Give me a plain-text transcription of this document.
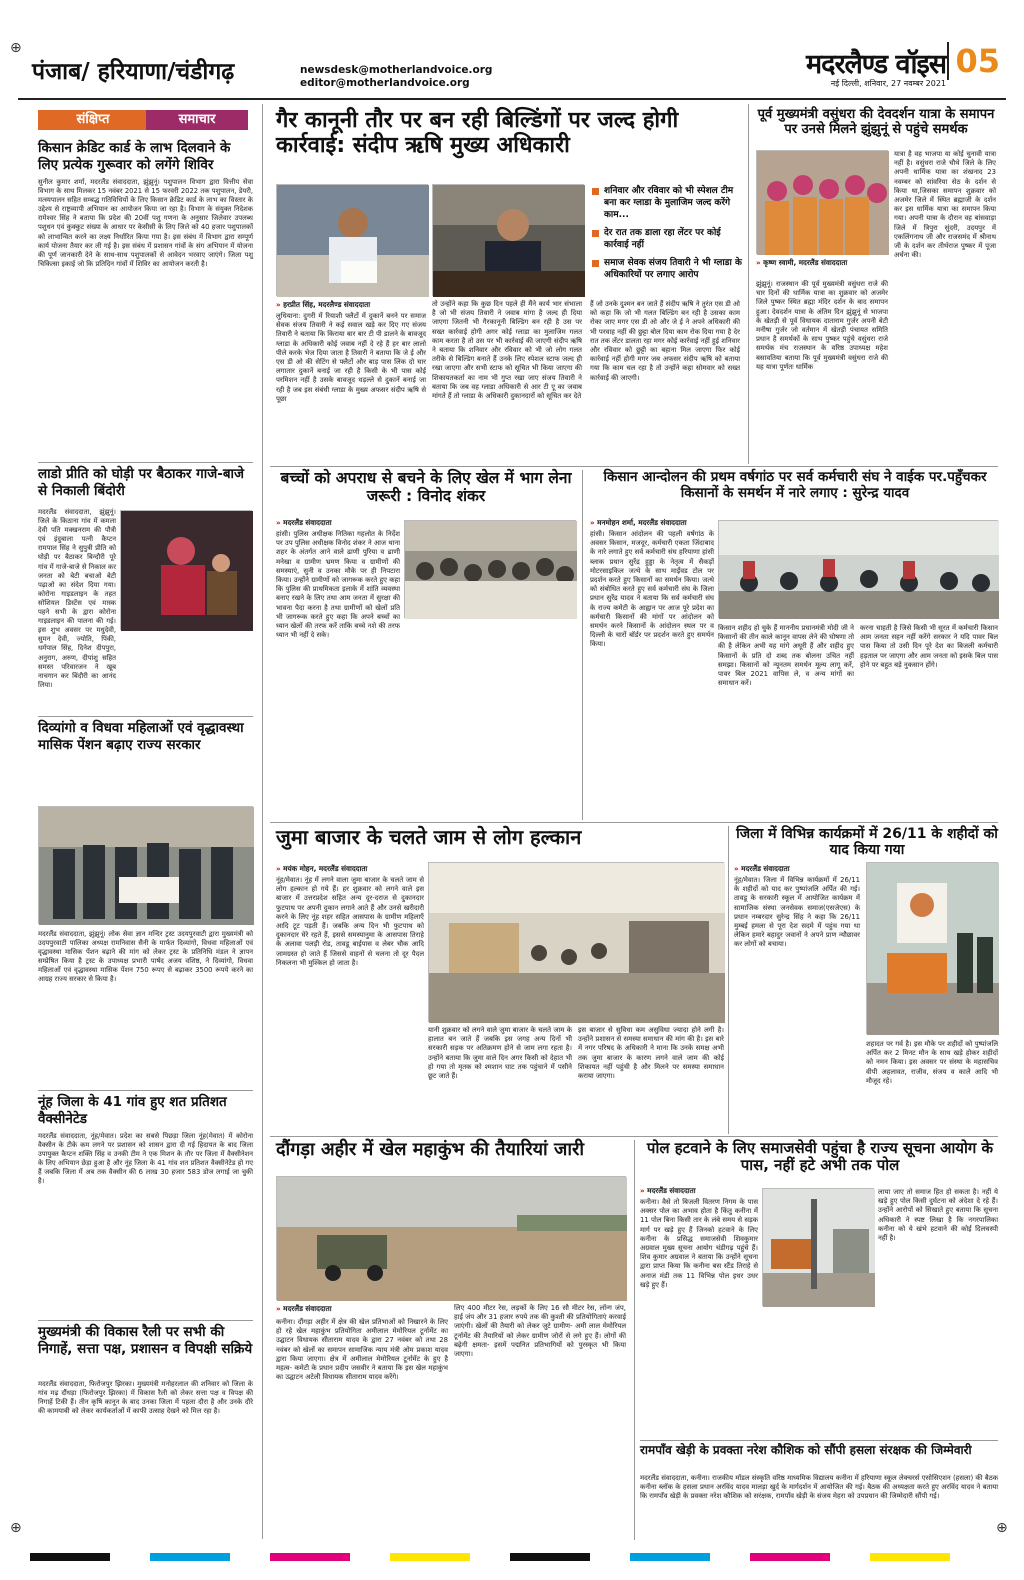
पंजाब/ हरियाणा/चंडीगढ़	newsdesk@motherlandvoice.org
editor@motherlandvoice.org
मदरलैण्ड वॉइस
नई दिल्ली, शनिवार, 27 नवम्बर 2021
05
संक्षिप्त	समाचार
किसान क्रेडिट कार्ड के लाभ दिलवाने के लिए प्रत्येक गुरूवार को लगेंगे शिविर
सुनील कुमार शर्मा, मदरलैंड संवाददाता, झुंझुनूं। पशुपालन विभाग द्वारा वित्तीय सेवा विभाग के साथ मिलकर 15 नवंबर 2021 से 15 फरवरी 2022 तक पशुपालन, डेयरी, मत्स्यपालन सहित सम्बद्ध गतिविधियों के लिए किसान क्रेडिट कार्ड के लाभ का विस्तार के उद्देश्य से राष्ट्रव्यापी अभियान का आयोजन किया जा रहा है। विभाग के संयुक्त निदेशक रामेश्वर सिंह ने बताया कि प्रदेश की 20वीं पशु गणना के अनुसार जिलेवार उपलब्ध पशुधन एवं कुक्कुट संख्या के आधार पर केसीसी के लिए जिले को 40 हजार पशुपालकों को लाभान्वित करने का लक्ष्य निर्धारित किया गया है। इस संबंध में विभाग द्वारा सम्पूर्ण कार्य योजना तैयार कर ली गई है। इस संबंध में प्रशासन गांवों के संग अभियान में योजना की पूर्ण जानकारी देने के साथ-साथ पशुपालकों से आवेदन भरवाए जाएंगे। जिला पशु चिकित्सा इकाई जो कि प्रतिदिन गांवों में शिविर का आयोजन करती है।
लाडो प्रीति को घोड़ी पर बैठाकर गाजे-बाजे से निकाली बिंदोरी
मदरलैंड संवाददाता, झुंझुनूं। जिले के किठाना गांव में कमला देवी पति मक्खनराम की पौत्री एवं इंदुबाला पत्नी कैप्टन रामपाल सिंह ने सुपुत्री प्रीति को घोड़ी पर बैठाकर बिन्दौरी पूरे गांव में गाजे-बाजे से निकाल कर जनता को बेटी बचाओ बेटी पढ़ाओ का संदेश दिया गया। कोरोना गाइडलाइन के तहत सोशियल डिस्टेंस एवं मास्क पहने सभी के द्वारा कोरोना गाइडलाइन की पालना की गई। इस शुभ अवसर पर मधुदेवी, सुमन देवी, ज्योति, पिंकी, धर्मपाल सिंह, दिनेश दीपपुरा, अनुराग, अरुण, दीपांशु सहित समस्त परिवारजन ने खूब नाचगान कर बिंदौरी का आनंद लिया।
दिव्यांगो व विधवा महिलाओं एवं वृद्धावस्था मासिक पेंशन बढ़ाए राज्य सरकार
मदरलैंड संवाददाता, झुंझुनूं। लोक सेवा ज्ञान मन्दिर ट्रस्ट उदयपुरवाटी द्वारा मुख्यमंत्री को उदयपुरवाटी पालिका अध्यक्ष रामनिवास सैनी के मार्फत दिव्यांगो, विधवा महिलाओं एवं वृद्धावस्था मासिक पेंशन बढ़ाने की मांग को लेकर ट्रस्ट के प्रतिनिधि मंडल ने ज्ञापन सम्प्रेषित किया है ट्रस्ट के उपाध्यक्ष प्रभारी पार्षद अजय वशिष्ठ, ने दिव्यांगो, विधवा महिलाओं एवं वृद्धावस्था मासिक पेंशन 750 रूपए से बढ़ाकर 3500 रूपये करने का आग्रह राज्य सरकार से किया है।
नूंह जिला के 41 गांव हुए शत प्रतिशत वैक्सीनेटेड
मदरलैंड संवाददाता, नूंह/मेवात। प्रदेश का सबसे पिछड़ा जिला नूंह(मेवात) में कोरोना वैक्सीन के टीके कम लगने पर प्रशासन को शासन द्वारा दी गई हिदायत के बाद जिला उपायुक्त कैप्टन शक्ति सिंह व उनकी टीम ने एक मिशन के तौर पर जिला में वैक्सीनेशन के लिए अभियान छेड़ा हुआ है और नूंह जिला के 41 गांव शत प्रतिशत वैक्सीनेटेड हो गए हैं जबकि जिला में अब तक वैक्सीन की 6 लाख 30 हजार 583 डोज लगाई जा चुकी है।
मुख्यमंत्री की विकास रैली पर सभी की निगाहें, सत्ता पक्ष, प्रशासन व विपक्षी सक्रिये
मदरलैंड संवाददाता, फिरोजपुर झिरका। मुख्यमंत्री मनोहरलाल की शनिवार को जिला के गांव मढ़ दौंधड़ा (फिरोजपुर झिरका) में विकास रैली को लेकर सत्ता पक्ष व विपक्ष की निगाहें टिकी हैं। तीन कृषि कानून के बाद उनका जिला में पहला दौरा है और उनके दौरे की कामयाबी को लेकर कार्यकर्ताओं में काफी उत्साह देखने को मिल रहा है।
गैर कानूनी तौर पर बन रही बिल्डिंगों पर जल्द होगी कार्रवाई: संदीप ऋषि मुख्य अधिकारी
शनिवार और रविवार को भी स्पेशल टीम बना कर ग्लाडा के मुलाजिम जल्द करेंगे काम...
देर रात तक डाला रहा लेंटर पर कोई कार्रवाई नहीं
समाज सेवक संजय तिवारी ने भी ग्लाडा के अधिकारियों पर लगाए आरोप
» हरप्रीत सिंह, मदरलैण्ड संवाददाता
लुधियाना: दुगरी में रियाशी फ्लैटों में दुकानें बनने पर समाज सेवक संजय तिवारी ने कई सवाल खड़े कर दिए गए संजय तिवारी ने बताया कि किराया बार बार टी पी डालने के बावजूद ग्लाडा के अधिकारी कोई जवाब नहीं दे रहे हैं हर बार लालो पीले करके भेज दिया जाता है तिवारी ने बताया कि जे ई और एस डी ओ की सेटिंग से फ्लैटों और बाड़ पास लिंक दो चार लगातार दुकानें बनाई जा रही है किसी के भी पास कोई परमिशन नहीं है उसके बावजूद धड़ल्ले से दुकानें बनाई जा रही है जब इस संबंधी ग्लाडा के मुख्य अफसर संदीप ऋषि से पूछा
तो उन्होंने कहा कि कुछ दिन पहले ही मैंने कार्य भार संभाला है जो भी संजय तिवारी ने जवाब मांगा है जल्द ही दिया जाएगा जितनी भी गैरकानूनी बिल्डिंग बन रही है उस पर सख्त कार्रवाई होगी अगर कोई ग्लाडा का मुलाजिम गलत काम करता है तो उस पर भी कार्रवाई की जाएगी संदीप ऋषि ने बताया कि शनिवार और रविवार को भी जो लोग गलत तरीके से बिल्डिंग बनाते हैं उनके लिए स्पेशल स्टाफ जल्द ही रखा जाएगा और सभी स्टाफ को सूचित भी किया जाएगा की शिकायतकर्ता का नाम भी गुप्त रखा जाए संजय तिवारी ने बताया कि जब वह ग्लाडा अधिकारी से आर टी एू का जवाब मांगते हैं तो ग्लाडा के अधिकारी दुकानदारों को सूचित कर देते
हैं जो उनके दुश्मन बन जाते हैं संदीप ऋषि ने तुरंत एस डी ओ को कहा कि जो भी गलत बिल्डिंग बन रही है उसका काम रोका जाए मगर एस डी ओ और जे ई ने अपने अधिकारी की भी परवाह नहीं की छुट्टा बोल दिया काम रोक दिया गया है देर रात तक लेंटर डालता रहा मगर कोई कार्रवाई नहीं हुई शनिवार और रविवार को छुट्टी का बहाना मिल जाएगा फिर कोई कार्रवाई नहीं होगी मगर जब अफसर संदीप ऋषि को बताया गया कि काम चल रहा है तो उन्होंने कहा सोमवार को सख्त कार्रवाई की जाएगी।
पूर्व मुख्यमंत्री वसुंधरा की देवदर्शन यात्रा के समापन पर उनसे मिलने झुंझुनूं से पहुंचे समर्थक
यात्रा है वह भाजपा या कोई चुनावी यात्रा नहीं है। वसुंधरा राजे चौथे जिले के लिए अपनी धार्मिक यात्रा का शंखनाद 23 नवम्बर को सांवरिया सेठ के दर्शन से किया था,जिसका समापन शुक्रवार को अजमेर जिले में स्थित ब्रह्माजी के दर्शन कर इस धार्मिक यात्रा का समापन किया गया। अपनी यात्रा के दौरान वह बांसवाड़ा जिले में त्रिपुरा सुंदरी, उदयपुर में एकलिंगनाथ जी और राजसमंद में श्रीनाथ जी के दर्शन कर तीर्थराज पुष्कर में पूजा अर्चना की।
» कृष्ण स्वामी, मदरलैंड संवाददाता
झुंझुनूं। राजस्थान की पूर्व मुख्यमंत्री वसुंधरा राजे की चार दिनों की धार्मिक यात्रा का शुक्रवार को अजमेर जिले पुष्कर स्थित ब्रह्मा मंदिर दर्शन के बाद समापन हुआ। देवदर्शन यात्रा के अंतिम दिन झुंझुनूं से भाजपा के खेतड़ी से पूर्व विधायक दाताराम गुर्जर अपनी बेटी मनीषा गुर्जर जो वर्तमान में खेतड़ी पंचायत समिति प्रधान है समर्थकों के साथ पुष्कर पहुंचे वसुंधरा राजे समर्थक मंच राजस्थान के वरिष्ठ उपाध्यक्ष महेश बसावतिया बताया कि पूर्व मुख्यमंत्री वसुंधरा राजे की यह यात्रा पूर्णतः धार्मिक
बच्चों को अपराध से बचने के लिए खेल में भाग लेना जरूरी : विनोद शंकर
» मदरलैंड संवाददाता
हांसी। पुलिस अधीक्षक नितिका गहलोत के निर्देश पर उप पुलिस अधीक्षक विनोद शंकर ने आज थाना शहर के अंतर्गत आने वाले ढाणी पुरिया व ढाणी मनेखा व ग्रामीण भ्रमण किया व ग्रामीणों की समस्याएं, सुनी व उनका मौके पर ही निपटारा किया। उन्होंने ग्रामीणों को जागरूक करते हुए कहा कि पुलिस की प्राथमिकता इलाके में शांति व्यवस्था बनाए रखने के लिए तथा आम जनता में सुरक्षा की भावना पैदा करना है तथा ग्रामीणों को खेलों प्रति भी जागरूक करते हुए कहा कि अपने बच्चों का ध्यान खेलों की तरफ करें ताकि बच्चे नशे की तरफ ध्यान भी नहीं दे सके।
किसान आन्दोलन की प्रथम वर्षगांठ पर सर्व कर्मचारी संघ ने वाईक पर.पहुँचकर किसानों के समर्थन में नारे लगाए : सुरेन्द्र यादव
» मनमोहन शर्मा, मदरलैंड संवाददाता
हांसी। किसान आंदोलन की पहली वर्षगांठ के अवसर किसान, मजदूर, कर्मचारी एकता जिंदाबाद के नारे लगाते हुए सर्व कर्मचारी संघ हरियाणा हांसी ब्लाक प्रधान सुरेंद्र हुड्डा के नेतृत्व में सैकड़ों मोटरसाइकिल जत्थे के साथ मार्ईवड टोल पर प्रदर्शन करते हुए किसानों का समर्थन किया। जत्थे को संबोधित करते हुए सर्व कर्मचारी संघ के जिला प्रधान सुरेंद्र यादव ने बताया कि सर्व कर्मचारी संघ के राज्य कमेटी के आह्वान पर आज पूरे प्रदेश का कर्मचारी किसानों की मांगों पर आंदोलन को समर्थन करने किसानों के आंदोलन स्थल पर व दिल्ली के चारों बॉर्डर पर प्रदर्शन करते हुए समर्थन किया।
किसान शहीद हो चुके हैं माननीय प्रधानमंत्री मोदी जी ने किसानों की तीन काले कानून वापस लेने की घोषणा तो की है लेकिन अभी यह मांगे अधूरी हैं और शहीद हुए किसानों के प्रति दो शब्द तक बोलना उचित नहीं समझा। किसानों को न्यूनतम समर्थन मूल्य लागू करें, पावर बिल 2021 वापिस ले, व अन्य मांगों का समाधान करें।
करना चाहती है जिसे किसी भी सूरत में कर्मचारी किसान आम जनता सहन नहीं करेंगे सरकार ने यदि पावर बिल पास किया तो उसी दिन पूरे देश का बिजली कर्मचारी हड़ताल पर जाएगा और आम जनता को इसके बिल पास होने पर बहुत बड़े नुकसान होंगे।
जुमा बाजार के चलते जाम से लोग हल्कान
» मयंक मोहन, मदरलैंड संवाददाता
नूंह/मेवात। नूंह में लगने वाला जुमा बाजार के चलते जाम से लोग हल्कान हो गये हैं। हर शुक्रवार को लगने वाले इस बाजार में उत्तरप्रदेश सहित अन्य दूर-दराज से दुकानदार फुटपाथ पर अपनी दुकान लगाने आते हैं और उनसे खरीदारी करने के लिए नूंह शहर सहित आसपास के ग्रामीण महिलाएँ आदि टूट पड़ती हैं। जबकि अन्य दिन भी फुटपाथ को दुकानदार घेरे रहते हैं, इससे समस्यानुमा के आसपास तिराहे के अलावा पलड़ी रोड, तावडू बाईपास व लेबर चौक आदि जामग्रस्त हो जाते हैं जिससे वाहनों से चलना तो दूर पैदल निकलना भी मुश्किल हो जाता है।
यानी शुक्रवार को लगने वाले जुमा बाजार के चलते जाम के हालात बन जाते हैं जबकि इस जगह अन्य दिनों भी सरकारी सड़क पर अतिक्रमण होने से जाम लगा रहता है। उन्होंने बताया कि जुमा वाले दिन अगर किसी को देहात भी हो गया तो मृतक को श्मशान घाट तक पहुंचाने में पसीने छूट जाते हैं।
इस बाजार से सुविधा कम असुविधा ज्यादा होने लगी है। उन्होंने प्रशासन से समस्या समाधान की मांग की है। इस बारे में नगर परिषद के अधिकारी ने माना कि उनके समक्ष अभी तक जुमा बाजार के कारण लगने वाले जाम की कोई शिकायत नहीं पहुंची है और मिलने पर समस्या समाधान कराया जाएगा।
जिला में विभिन्न कार्यक्रमों में 26/11 के शहीदों को याद किया गया
» मदरलैंड संवाददाता
नूंह/मेवात। जिला में विभिन्न कार्यक्रमों में 26/11 के शहीदों को याद कर पुष्पांजलि अर्पित की गई। तावडू के सरकारी स्कूल में आयोजित कार्यक्रम में सामाजिक संस्था जनसेवक समाज(एसजेएस) के प्रधान नम्बरदार सुरेन्द्र सिंह ने कहा कि 26/11 मुम्बई हमला से पूरा देश सदमे में पहुंच गया था लेकिन हमारे बहादुर जवानों ने अपने प्राण न्यौछावर कर लोगों को बचाया।
शहादत पर गर्व है। इस मौके पर शहीदों को पुष्पांजलि अर्पित कर 2 मिनट मौन के साथ खड़े होकर शहीदों को नमन किया। इस अवसर पर संस्था के महासचिव वीपी अहलावत, राजीव, संजय व कालेे आदि भी मौजूद रहे।
दौंगड़ा अहीर में खेल महाकुंभ की तैयारियां जारी
» मदरलैंड संवाददाता
कनीना। दौंगड़ा अहीर में क्षेत्र की खेल प्रतिभाओं को निखारने के लिए हो रहे खेल महाकुंभ प्रतियोगिता अमीलाल मेमोरियल टूर्नामेंट का उद्घाटन विधायक सीताराम यादव के द्वारा 27 नवंबर को तथा 28 नवंबर को खेलों का समापन सामाजिक न्याय मंत्री ओम प्रकाश यादव द्वारा किया जाएगा। क्षेत्र में अमीलाल मेमोरियल टूर्नामेंट के हुए है महत्व- कमेटी के प्रधान प्रदीप जसवीर ने बताया कि इस खेल महाकुंभ का उद्घाटन अटेली विधायक सीताराम यादव करेंगे।
लिए 400 मीटर रेस, लड़कों के लिए 16 सौ मीटर रेस, लॉन्ग जंप, हाई जंप और 31 हजार रुपये तक की कुश्ती की प्रतियोगिताएं करवाई जाएंगी। खेलों की तैयारी को लेकर जुटे ग्रामीण- अमी लाल मेमोरियल टूर्नामेंट की तैयारियों को लेकर ग्रामीण जोरों से लगे हुए हैं। लोगों की बढ़ेगी क्षमता- इसमें पद्मनित प्रतिभागियों को पुरस्कृत भी किया जाएगा।
पोल हटवाने के लिए समाजसेवी पहुंचा है राज्य सूचना आयोग के पास, नहीं हटे अभी तक पोल
» मदरलैंड संवाददाता
कनीना। वैसे तो बिजली वितरण निगम के पास अक्सर पोल का अभाव होता है किंतु कनीना में 11 पोल बिना किसी तार के लंबे समय से सड़क मार्ग पर खड़े हुए हैं जिनको हटवाने के लिए कनीना के प्रसिद्ध समाजसेवी शिवकुमार अग्रवाल मुख्य सूचना आयोग चंडीगढ़ पहुंचे हैं। शिव कुमार अग्रवाल ने बताया कि उन्होंने सूचना द्वारा प्राप्त किया कि कनीना बस स्टैंड तिराहे से अनाज मंडी तक 11 विभिन्न पोल इधर उधर खड़े हुए हैं।
लाया जाए तो समाज हित हो सकता है। नहीं ये खड़े हुए पोल किसी दुर्घटना को अंदेशा दे रहे हैं। उन्होंने आरोपों को सिखाते हुए बताया कि सूचना अधिकारी ने स्पष्ट लिखा है कि नगरपालिका कनीना को ये खंभे हटवाने की कोई दिलचस्पी नहीं है।
रामपाँव खेड़ी के प्रवक्ता नरेश कौशिक को सौंपी हसला संरक्षक की जिम्मेवारी
मदरलैंड संवाददाता, कनीना। राजकीय मॉडल संस्कृति वरिष्ठ माध्यमिक विद्यालय कनीना में हरियाणा स्कूल लेक्चरर्स एसोसिएशन (हसला) की बैठक कनीना ब्लॉक के हसला प्रधान अरविंद यादव मालड़ा खुर्द के मार्गदर्शन में आयोजित की गई। बैठक की अध्यक्षता करते हुए अरविंद यादव ने बताया कि रामपाँव खेड़ी के प्रवक्ता नरेश कौशिक को सरंक्षक, रामपाँव खेड़ी के संजय मेहरा को उपप्रधान की जिम्मेदारी सौंपी गई।
⊕
⊕	⊕
